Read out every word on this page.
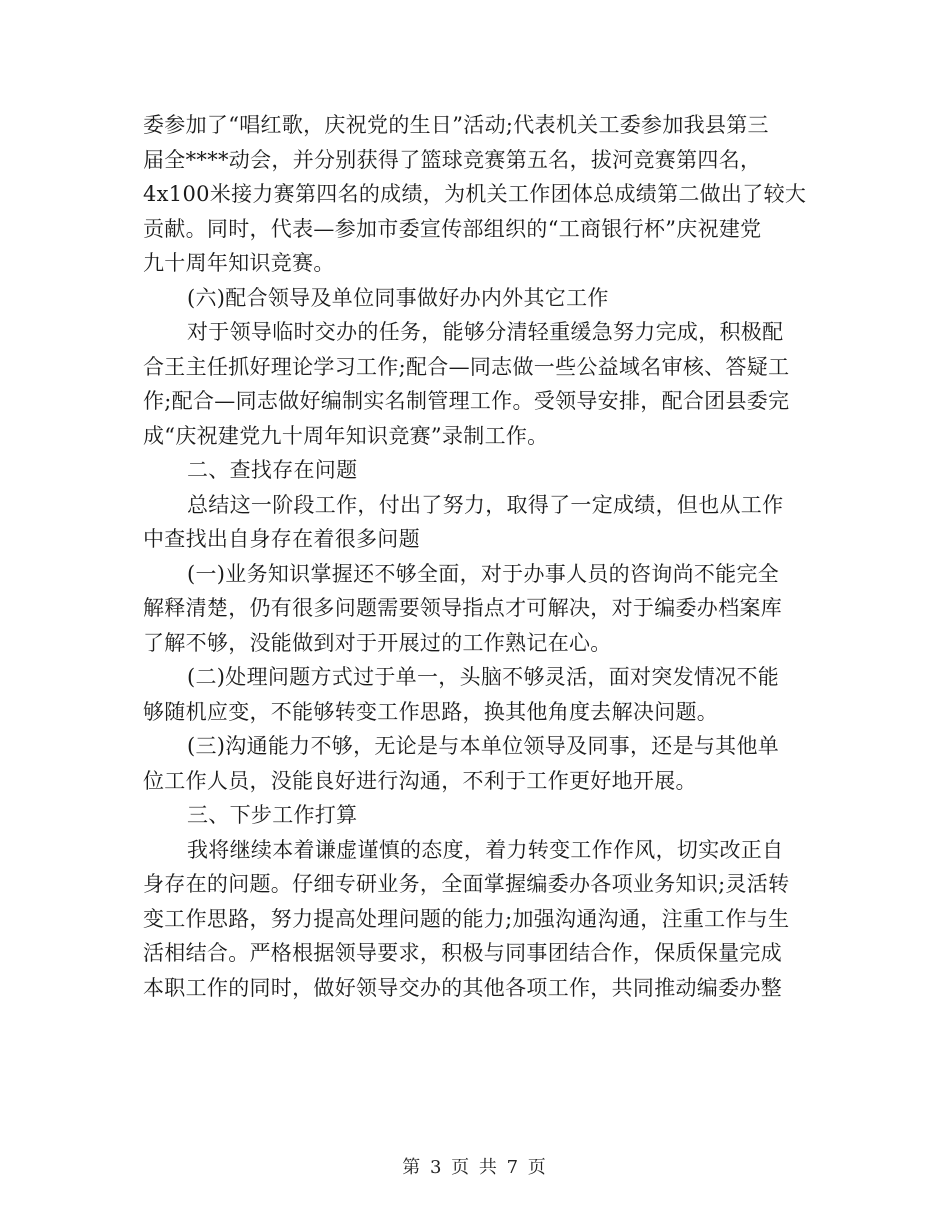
委参加了“唱红歌，庆祝党的生日”活动;代表机关工委参加我县第三
届全****动会，并分别获得了篮球竞赛第五名，拔河竞赛第四名，
4x100米接力赛第四名的成绩，为机关工作团体总成绩第二做出了较大
贡献。同时，代表—参加市委宣传部组织的“工商银行杯”庆祝建党
九十周年知识竞赛。
(六)配合领导及单位同事做好办内外其它工作
对于领导临时交办的任务，能够分清轻重缓急努力完成，积极配
合王主任抓好理论学习工作;配合—同志做一些公益域名审核、答疑工
作;配合—同志做好编制实名制管理工作。受领导安排，配合团县委完
成“庆祝建党九十周年知识竞赛”录制工作。
二、查找存在问题
总结这一阶段工作，付出了努力，取得了一定成绩，但也从工作
中查找出自身存在着很多问题
(一)业务知识掌握还不够全面，对于办事人员的咨询尚不能完全
解释清楚，仍有很多问题需要领导指点才可解决，对于编委办档案库
了解不够，没能做到对于开展过的工作熟记在心。
(二)处理问题方式过于单一，头脑不够灵活，面对突发情况不能
够随机应变，不能够转变工作思路，换其他角度去解决问题。
(三)沟通能力不够，无论是与本单位领导及同事，还是与其他单
位工作人员，没能良好进行沟通，不利于工作更好地开展。
三、下步工作打算
我将继续本着谦虚谨慎的态度，着力转变工作作风，切实改正自
身存在的问题。仔细专研业务，全面掌握编委办各项业务知识;灵活转
变工作思路，努力提高处理问题的能力;加强沟通沟通，注重工作与生
活相结合。严格根据领导要求，积极与同事团结合作，保质保量完成
本职工作的同时，做好领导交办的其他各项工作，共同推动编委办整
第 3 页 共 7 页
